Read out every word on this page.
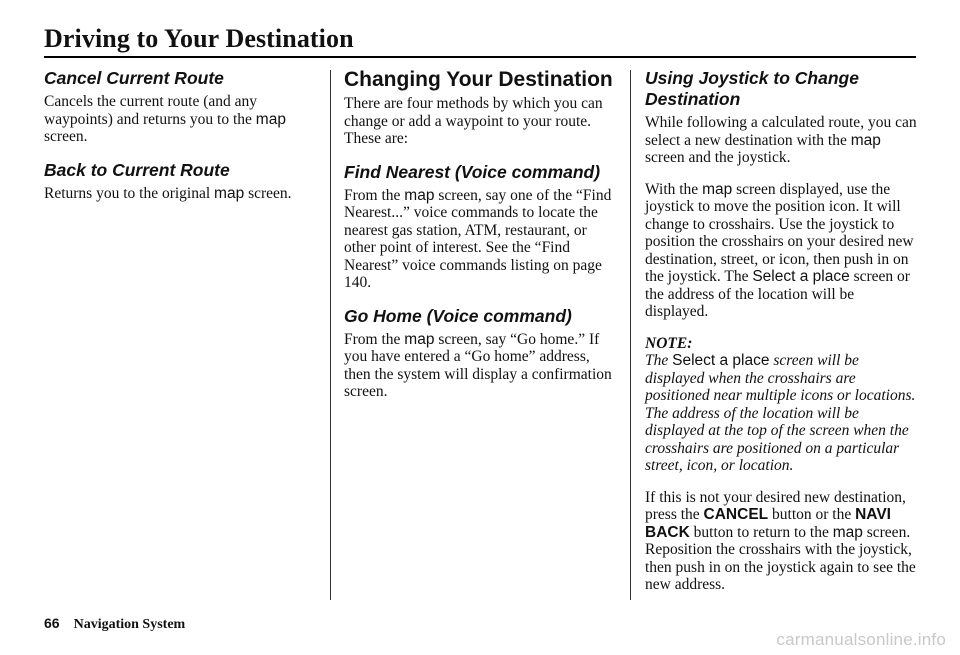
Driving to Your Destination
Cancel Current Route

Cancels the current route (and any waypoints) and returns you to the map screen.

Back to Current Route

Returns you to the original map screen.

Changing Your Destination

There are four methods by which you can change or add a waypoint to your route. These are:

Find Nearest (Voice command)

From the map screen, say one of the “Find Nearest...” voice commands to locate the nearest gas station, ATM, restaurant, or other point of interest. See the “Find Nearest” voice commands listing on page 140.

Go Home (Voice command)

From the map screen, say “Go home.” If you have entered a “Go home” address, then the system will display a confirmation screen.

Using Joystick to Change Destination

While following a calculated route, you can select a new destination with the map screen and the joystick.

With the map screen displayed, use the joystick to move the position icon. It will change to crosshairs. Use the joystick to position the crosshairs on your desired new destination, street, or icon, then push in on the joystick. The Select a place screen or the address of the location will be displayed.

NOTE:

The Select a place screen will be displayed when the crosshairs are positioned near multiple icons or locations. The address of the location will be displayed at the top of the screen when the crosshairs are positioned on a particular street, icon, or location.

If this is not your desired new destination, press the CANCEL button or the NAVI BACK button to return to the map screen. Reposition the crosshairs with the joystick, then push in on the joystick again to see the new address.

66 Navigation System
carmanualsonline.info
